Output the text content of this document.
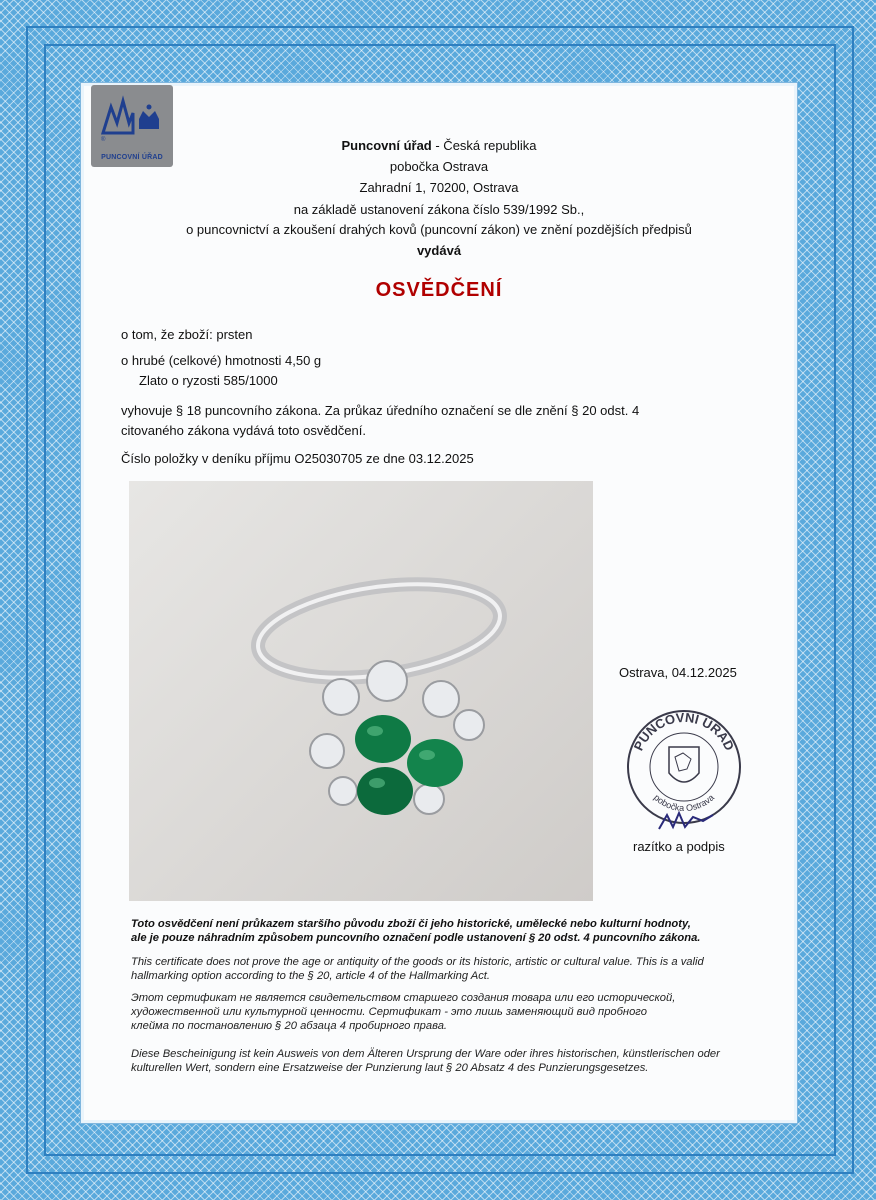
®
PUNCOVNÍ ÚŘAD
Puncovní úřad - Česká republika
pobočka Ostrava
Zahradní 1, 70200, Ostrava
na základě ustanovení zákona číslo 539/1992 Sb.,
o puncovnictví a zkoušení drahých kovů (puncovní zákon) ve znění pozdějších předpisů
vydává
OSVĚDČENÍ
o tom, že zboží: prsten
o hrubé (celkové) hmotnosti 4,50 g
Zlato o ryzosti 585/1000
vyhovuje § 18 puncovního zákona. Za průkaz úředního označení se dle znění § 20 odst. 4
citovaného zákona vydává toto osvědčení.
Číslo položky v deníku příjmu O25030705 ze dne 03.12.2025
Ostrava, 04.12.2025
PUNCOVNÍ ÚŘAD
pobočka Ostrava
razítko a podpis
Toto osvědčení není průkazem staršího původu zboží či jeho historické, umělecké nebo kulturní hodnoty,
ale je pouze náhradním způsobem puncovního označení podle ustanovení § 20 odst. 4 puncovního zákona.
This certificate does not prove the age or antiquity of the goods or its historic, artistic or cultural value. This is a valid
hallmarking option according to the § 20, article 4 of the Hallmarking Act.
Этот сертификат не является свидетельством старшего создания товара или его исторической,
художественной или культурной ценности. Сертификат - это лишь заменяющий вид пробного
клейма по постановлению § 20 абзаца 4 пробирного права.
Diese Bescheinigung ist kein Ausweis von dem Älteren Ursprung der Ware oder ihres historischen, künstlerischen oder
kulturellen Wert, sondern eine Ersatzweise der Punzierung laut § 20 Absatz 4 des Punzierungsgesetzes.
